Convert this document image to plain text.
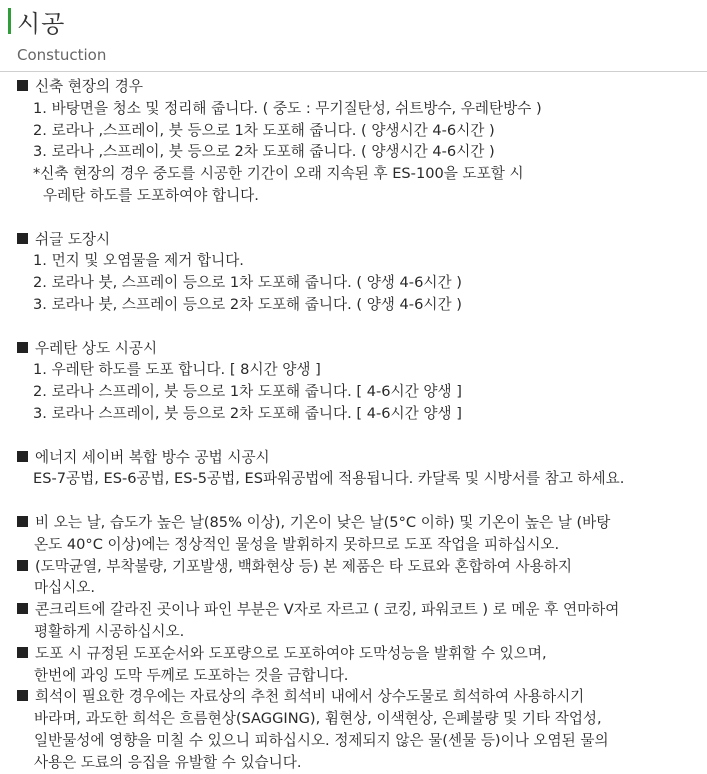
시공
Constuction
신축 현장의 경우
1. 바탕면을 청소 및 정리해 줍니다. ( 중도 : 무기질탄성, 쉬트방수, 우레탄방수 )
2. 로라나 ,스프레이, 붓 등으로 1차 도포해 줍니다. ( 양생시간 4-6시간 )
3. 로라나 ,스프레이, 붓 등으로 2차 도포해 줍니다. ( 양생시간 4-6시간 )
*신축 현장의 경우 중도를 시공한 기간이 오래 지속된 후 ES-100을 도포할 시
우레탄 하도를 도포하여야 합니다.
쉬글 도장시
1. 먼지 및 오염물을 제거 합니다.
2. 로라나 붓, 스프레이 등으로 1차 도포해 줍니다. ( 양생 4-6시간 )
3. 로라나 붓, 스프레이 등으로 2차 도포해 줍니다. ( 양생 4-6시간 )
우레탄 상도 시공시
1. 우레탄 하도를 도포 합니다. [ 8시간 양생 ]
2. 로라나 스프레이, 붓 등으로 1차 도포해 줍니다. [ 4-6시간 양생 ]
3. 로라나 스프레이, 붓 등으로 2차 도포해 줍니다. [ 4-6시간 양생 ]
에너지 세이버 복합 방수 공법 시공시
ES-7공법, ES-6공법, ES-5공법, ES파워공법에 적용됩니다. 카달록 및 시방서를 참고 하세요.
비 오는 날, 습도가 높은 날(85% 이상), 기온이 낮은 날(5°C 이하) 및 기온이 높은 날 (바탕
온도 40°C 이상)에는 정상적인 물성을 발휘하지 못하므로 도포 작업을 피하십시오.
(도막균열, 부착불량, 기포발생, 백화현상 등) 본 제품은 타 도료와 혼합하여 사용하지
마십시오.
콘크리트에 갈라진 곳이나 파인 부분은 V자로 자르고 ( 코킹, 파워코트 ) 로 메운 후 연마하여
평활하게 시공하십시오.
도포 시 규정된 도포순서와 도포량으로 도포하여야 도막성능을 발휘할 수 있으며,
한번에 과잉 도막 두께로 도포하는 것을 금합니다.
희석이 필요한 경우에는 자료상의 추천 희석비 내에서 상수도물로 희석하여 사용하시기
바라며, 과도한 희석은 흐름현상(SAGGING), 휨현상, 이색현상, 은폐불량 및 기타 작업성,
일반물성에 영향을 미칠 수 있으니 피하십시오. 정제되지 않은 물(센물 등)이나 오염된 물의
사용은 도료의 응집을 유발할 수 있습니다.
